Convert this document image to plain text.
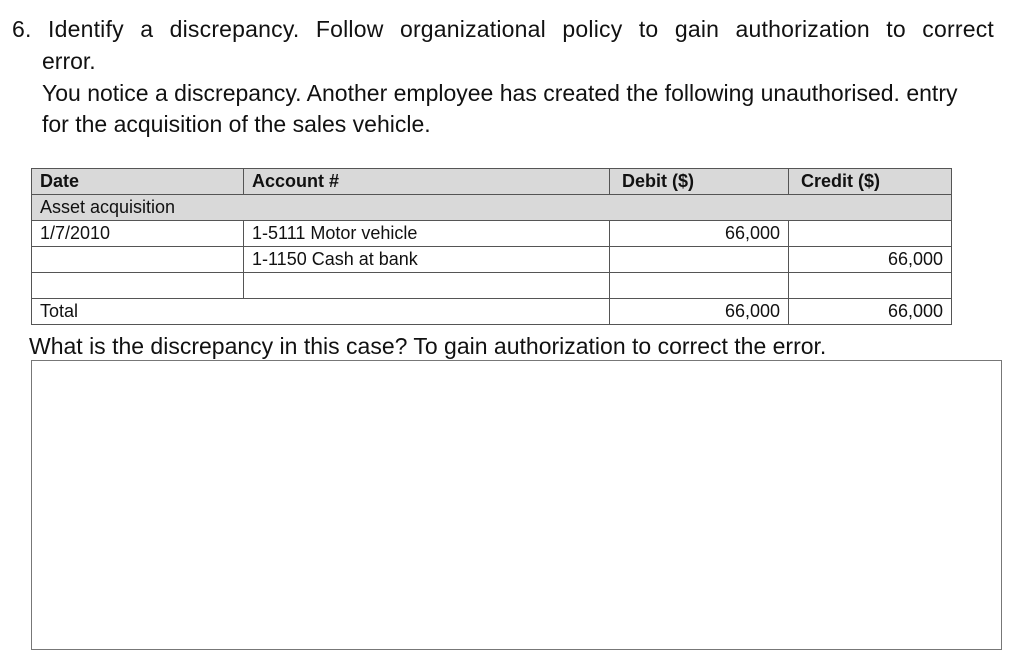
6. Identify a discrepancy. Follow organizational policy to gain authorization to correct
error.
You notice a discrepancy. Another employee has created the following unauthorised. entry for the acquisition of the sales vehicle.
Date	Account #	Debit ($)	Credit ($)
Asset acquisition			
1/7/2010	1-5111 Motor vehicle	66,000	
	1-1150 Cash at bank		66,000

Total		66,000	66,000
What is the discrepancy in this case? To gain authorization to correct the error.
